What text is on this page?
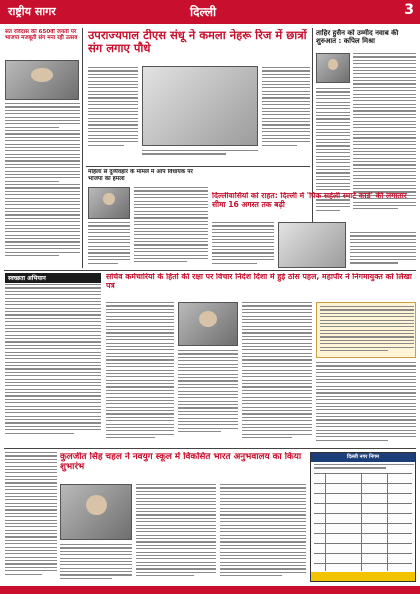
राष्ट्रीय सागर	दिल्ली	3
संत रविदास की 650वीं जयंती पर भाजपा मजबूती संग मना रही उत्सव उपराज्यपाल टीएस संधू ने कमला नेहरू रिज में छात्रों संग लगाए पौधे
ताहिर हुसैन को उम्मीद नवाब की शुरुआत : कपिल मिश्रा
महिला से दुर्व्यवहार के मामले में आप विधायक पर भाजपा का हमला
दिल्लीवासियों को राहत: दिल्ली में 'पिंक सहेली स्मार्ट कार्ड' की लगातार सीमा 16 अगस्त तक बढ़ी
स्वच्छता अभियान	सचिव कर्मचारियों के हितों की रक्षा पर विचार निर्देश दिशा में हुई ठोस पहल, महापौर ने निगमायुक्त को लिखा पत्र
कुलजीत सिंह चहल ने नवयुग स्कूल में विकसित भारत अनुभवालय का किया शुभारंभ
दिल्ली नगर निगम
